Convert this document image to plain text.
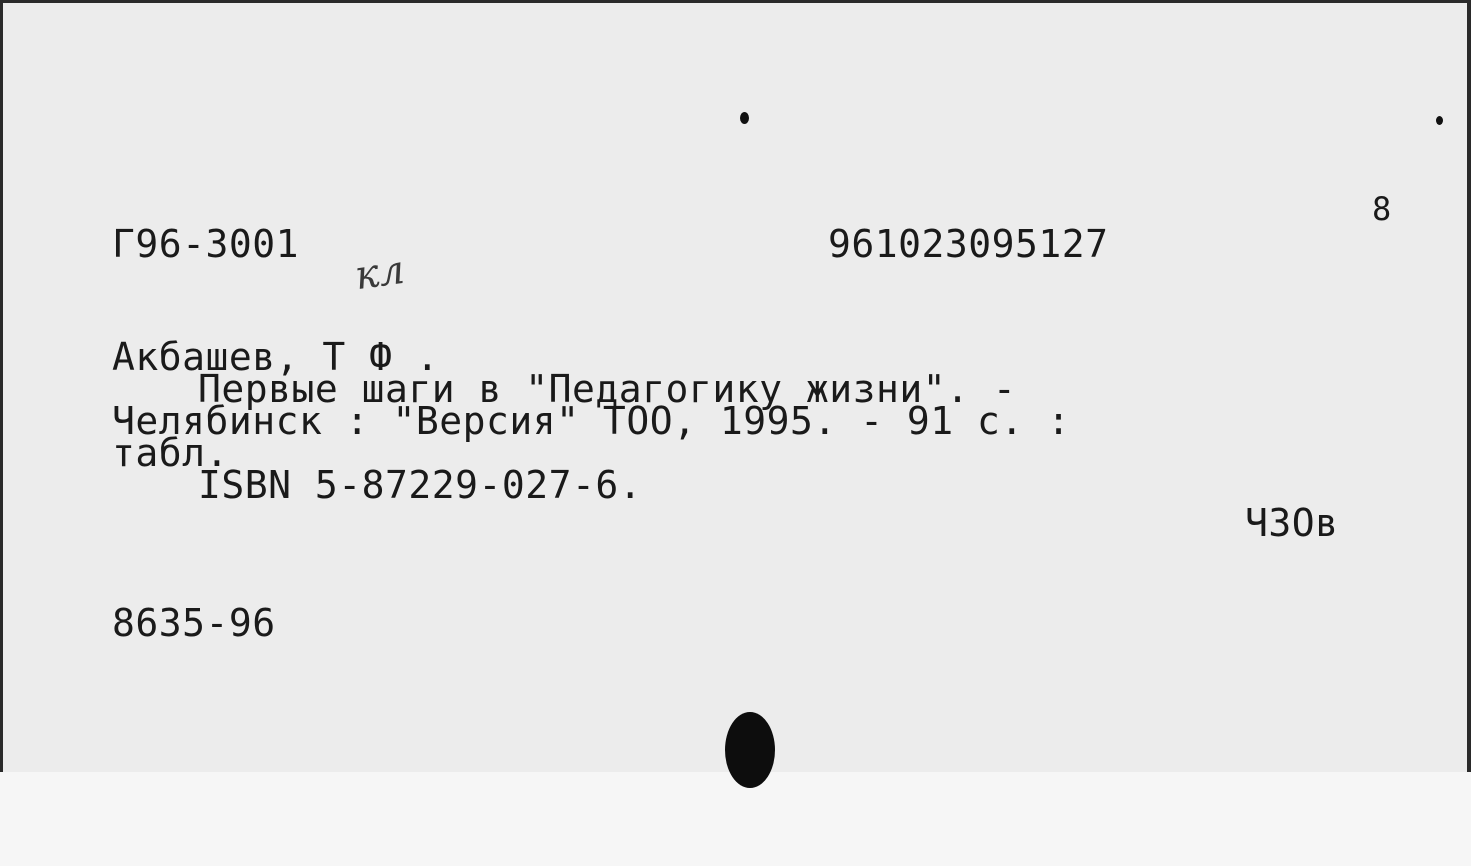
Г96-3001
кл
961023095127
8
Акбашев, Т Ф .
Первые шаги в "Педагогику жизни". -
Челябинск : "Версия" ТОО, 1995. - 91 с. :
табл.
ISBN 5-87229-027-6.
ЧЗОв
8635-96
